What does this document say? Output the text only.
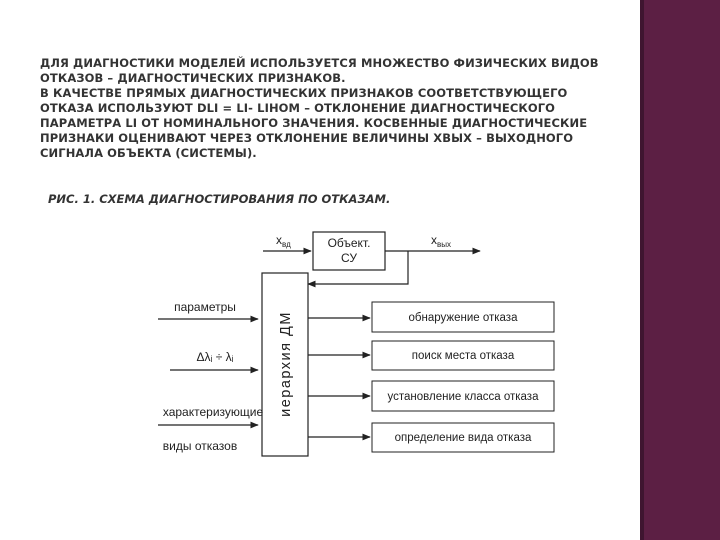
ДЛЯ ДИАГНОСТИКИ МОДЕЛЕЙ ИСПОЛЬЗУЕТСЯ МНОЖЕСТВО ФИЗИЧЕСКИХ ВИДОВ ОТКАЗОВ – ДИАГНОСТИЧЕСКИХ ПРИЗНАКОВ.

В КАЧЕСТВЕ ПРЯМЫХ ДИАГНОСТИЧЕСКИХ ПРИЗНАКОВ СООТВЕТСТВУЮЩЕГО ОТКАЗА ИСПОЛЬЗУЮТ DLI = LI- LIНОМ – ОТКЛОНЕНИЕ ДИАГНОСТИЧЕСКОГО ПАРАМЕТРА LI ОТ НОМИНАЛЬНОГО ЗНАЧЕНИЯ. КОСВЕННЫЕ ДИАГНОСТИЧЕСКИЕ ПРИЗНАКИ ОЦЕНИВАЮТ ЧЕРЕЗ ОТКЛОНЕНИЕ ВЕЛИЧИНЫ ХВЫХ – ВЫХОДНОГО СИГНАЛА ОБЪЕКТА (СИСТЕМЫ).

РИС. 1. СХЕМА ДИАГНОСТИРОВАНИЯ ПО ОТКАЗАМ.
$x_{вд}$	Объект.
СУ
$x_{вых}$
иерархия ДМ
параметры
Δλᵢ ÷ λᵢ
характеризующие
виды отказов
обнаружение отказа
поиск места отказа
установление класса отказа
определение вида отказа
